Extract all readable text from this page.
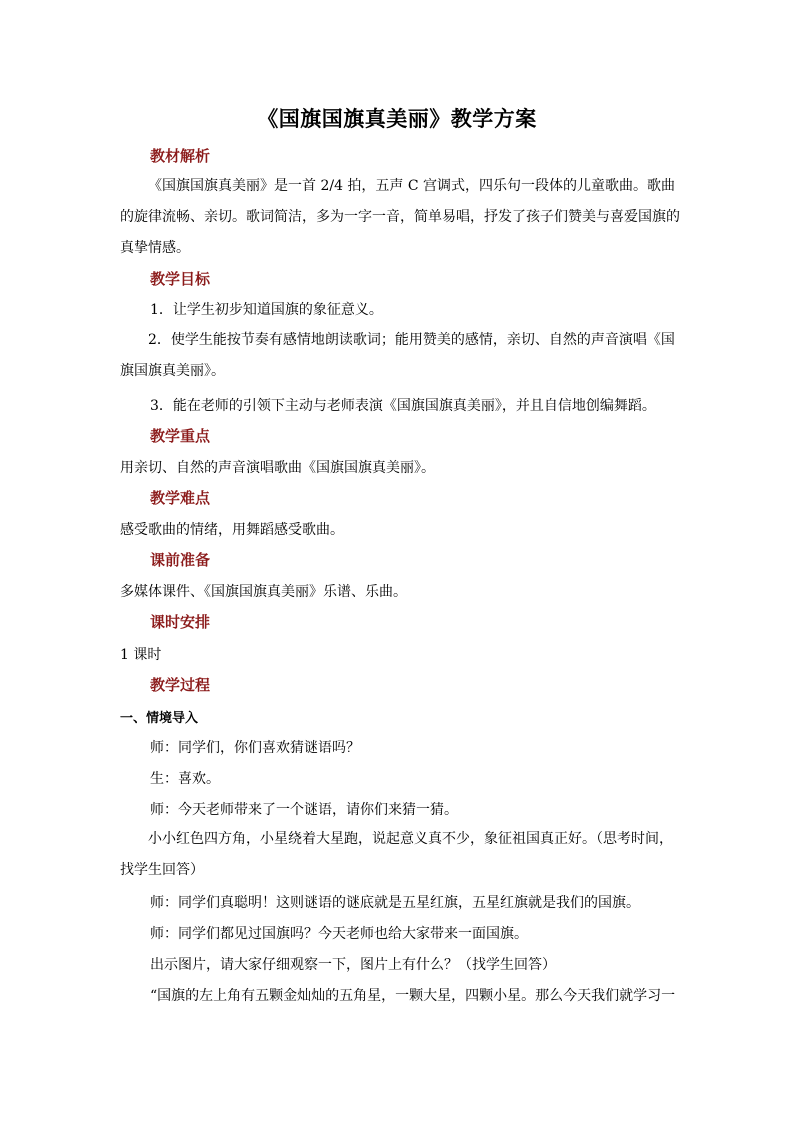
《国旗国旗真美丽》教学方案
教材解析
《国旗国旗真美丽》是一首 2/4 拍，五声 C 宫调式，四乐句一段体的儿童歌曲。歌曲的旋律流畅、亲切。歌词简洁，多为一字一音，简单易唱，抒发了孩子们赞美与喜爱国旗的真挚情感。
教学目标
1．让学生初步知道国旗的象征意义。
2．使学生能按节奏有感情地朗读歌词；能用赞美的感情，亲切、自然的声音演唱《国旗国旗真美丽》。
3．能在老师的引领下主动与老师表演《国旗国旗真美丽》，并且自信地创编舞蹈。
教学重点
用亲切、自然的声音演唱歌曲《国旗国旗真美丽》。
教学难点
感受歌曲的情绪，用舞蹈感受歌曲。
课前准备
多媒体课件、《国旗国旗真美丽》乐谱、乐曲。
课时安排
1 课时
教学过程
一、情境导入
师：同学们，你们喜欢猜谜语吗？
生：喜欢。
师：今天老师带来了一个谜语，请你们来猜一猜。
小小红色四方角，小星绕着大星跑，说起意义真不少，象征祖国真正好。（思考时间，找学生回答）
师：同学们真聪明！这则谜语的谜底就是五星红旗，五星红旗就是我们的国旗。
师：同学们都见过国旗吗？今天老师也给大家带来一面国旗。
出示图片，请大家仔细观察一下，图片上有什么？（找学生回答）
“国旗的左上角有五颗金灿灿的五角星，一颗大星，四颗小星。那么今天我们就学习一
